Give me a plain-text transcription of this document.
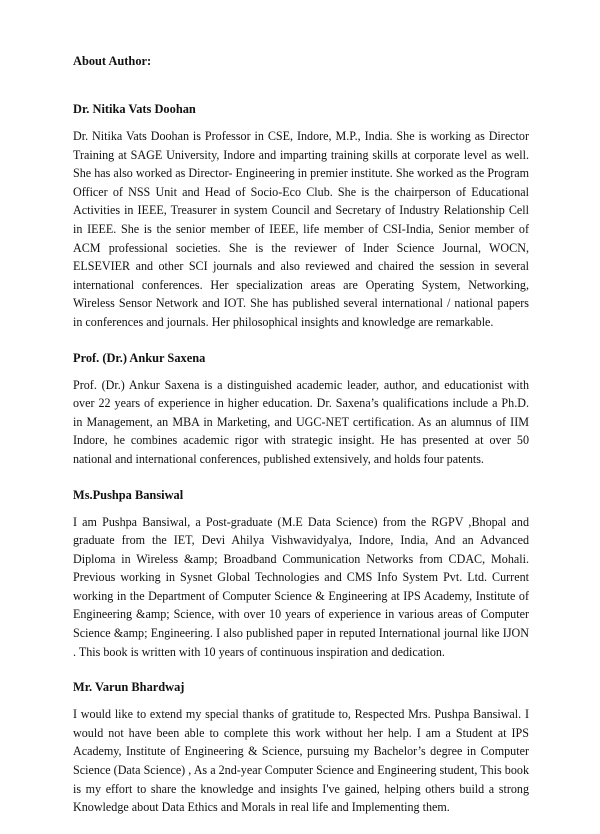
About Author:

Dr. Nitika Vats Doohan

Dr. Nitika Vats Doohan is Professor in CSE, Indore, M.P., India. She is working as Director Training at SAGE University, Indore and imparting training skills at corporate level as well. She has also worked as Director- Engineering in premier institute. She worked as the Program Officer of NSS Unit and Head of Socio-Eco Club. She is the chairperson of Educational Activities in IEEE, Treasurer in system Council and Secretary of Industry Relationship Cell in IEEE. She is the senior member of IEEE, life member of CSI-India, Senior member of ACM professional societies. She is the reviewer of Inder Science Journal, WOCN, ELSEVIER and other SCI journals and also reviewed and chaired the session in several international conferences. Her specialization areas are Operating System, Networking, Wireless Sensor Network and IOT. She has published several international / national papers in conferences and journals. Her philosophical insights and knowledge are remarkable.

Prof. (Dr.) Ankur Saxena

Prof. (Dr.) Ankur Saxena is a distinguished academic leader, author, and educationist with over 22 years of experience in higher education. Dr. Saxena’s qualifications include a Ph.D. in Management, an MBA in Marketing, and UGC-NET certification. As an alumnus of IIM Indore, he combines academic rigor with strategic insight. He has presented at over 50 national and international conferences, published extensively, and holds four patents.

Ms.Pushpa Bansiwal

I am Pushpa Bansiwal, a Post-graduate (M.E Data Science) from the RGPV ,Bhopal and graduate from the IET, Devi Ahilya Vishwavidyalya, Indore, India, And an Advanced Diploma in Wireless &amp; Broadband Communication Networks from CDAC, Mohali. Previous working in Sysnet Global Technologies and CMS Info System Pvt. Ltd. Current working in the Department of Computer Science & Engineering at IPS Academy, Institute of Engineering &amp; Science, with over 10 years of experience in various areas of Computer Science &amp; Engineering. I also published paper in reputed International journal like IJON . This book is written with 10 years of continuous inspiration and dedication.

Mr. Varun Bhardwaj

I would like to extend my special thanks of gratitude to, Respected Mrs. Pushpa Bansiwal. I would not have been able to complete this work without her help. I am a Student at IPS Academy, Institute of Engineering & Science, pursuing my Bachelor’s degree in Computer Science (Data Science) , As a 2nd-year Computer Science and Engineering student, This book is my effort to share the knowledge and insights I've gained, helping others build a strong Knowledge about Data Ethics and Morals in real life and Implementing them.
